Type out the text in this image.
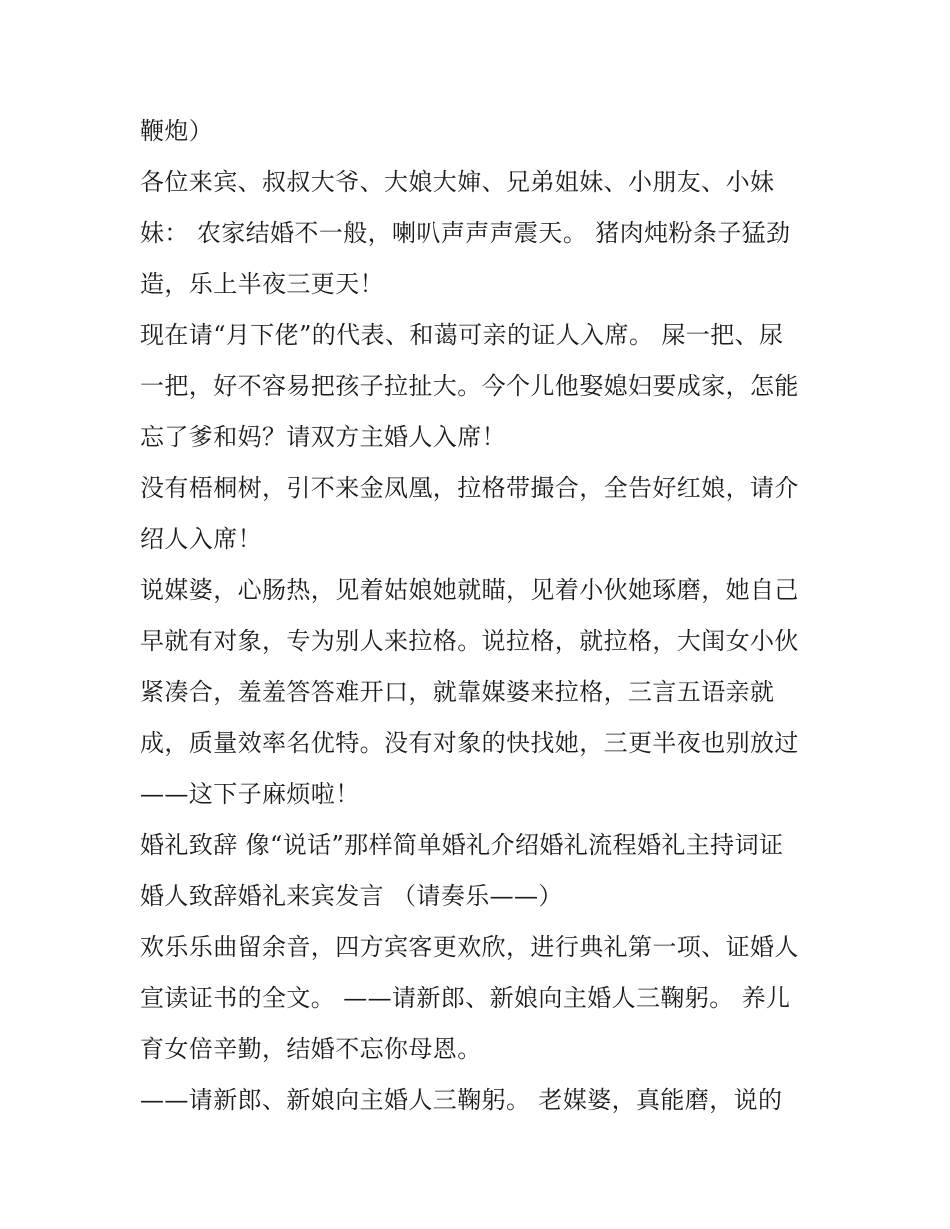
鞭炮）
各位来宾、叔叔大爷、大娘大婶、兄弟姐妹、小朋友、小妹
妹： 农家结婚不一般，喇叭声声声震天。 猪肉炖粉条子猛劲
造，乐上半夜三更天！
现在请“月下佬”的代表、和蔼可亲的证人入席。 屎一把、尿
一把，好不容易把孩子拉扯大。今个儿他娶媳妇要成家，怎能
忘了爹和妈？请双方主婚人入席！
没有梧桐树，引不来金凤凰，拉格带撮合，全告好红娘，请介
绍人入席！
说媒婆，心肠热，见着姑娘她就瞄，见着小伙她琢磨，她自己
早就有对象，专为别人来拉格。说拉格，就拉格，大闺女小伙
紧凑合，羞羞答答难开口，就靠媒婆来拉格，三言五语亲就
成，质量效率名优特。没有对象的快找她，三更半夜也别放过
——这下子麻烦啦！
婚礼致辞 像“说话”那样简单婚礼介绍婚礼流程婚礼主持词证
婚人致辞婚礼来宾发言 （请奏乐——）
欢乐乐曲留余音，四方宾客更欢欣，进行典礼第一项、证婚人
宣读证书的全文。 ——请新郎、新娘向主婚人三鞠躬。 养儿
育女倍辛勤，结婚不忘你母恩。
——请新郎、新娘向主婚人三鞠躬。 老媒婆，真能磨，说的
